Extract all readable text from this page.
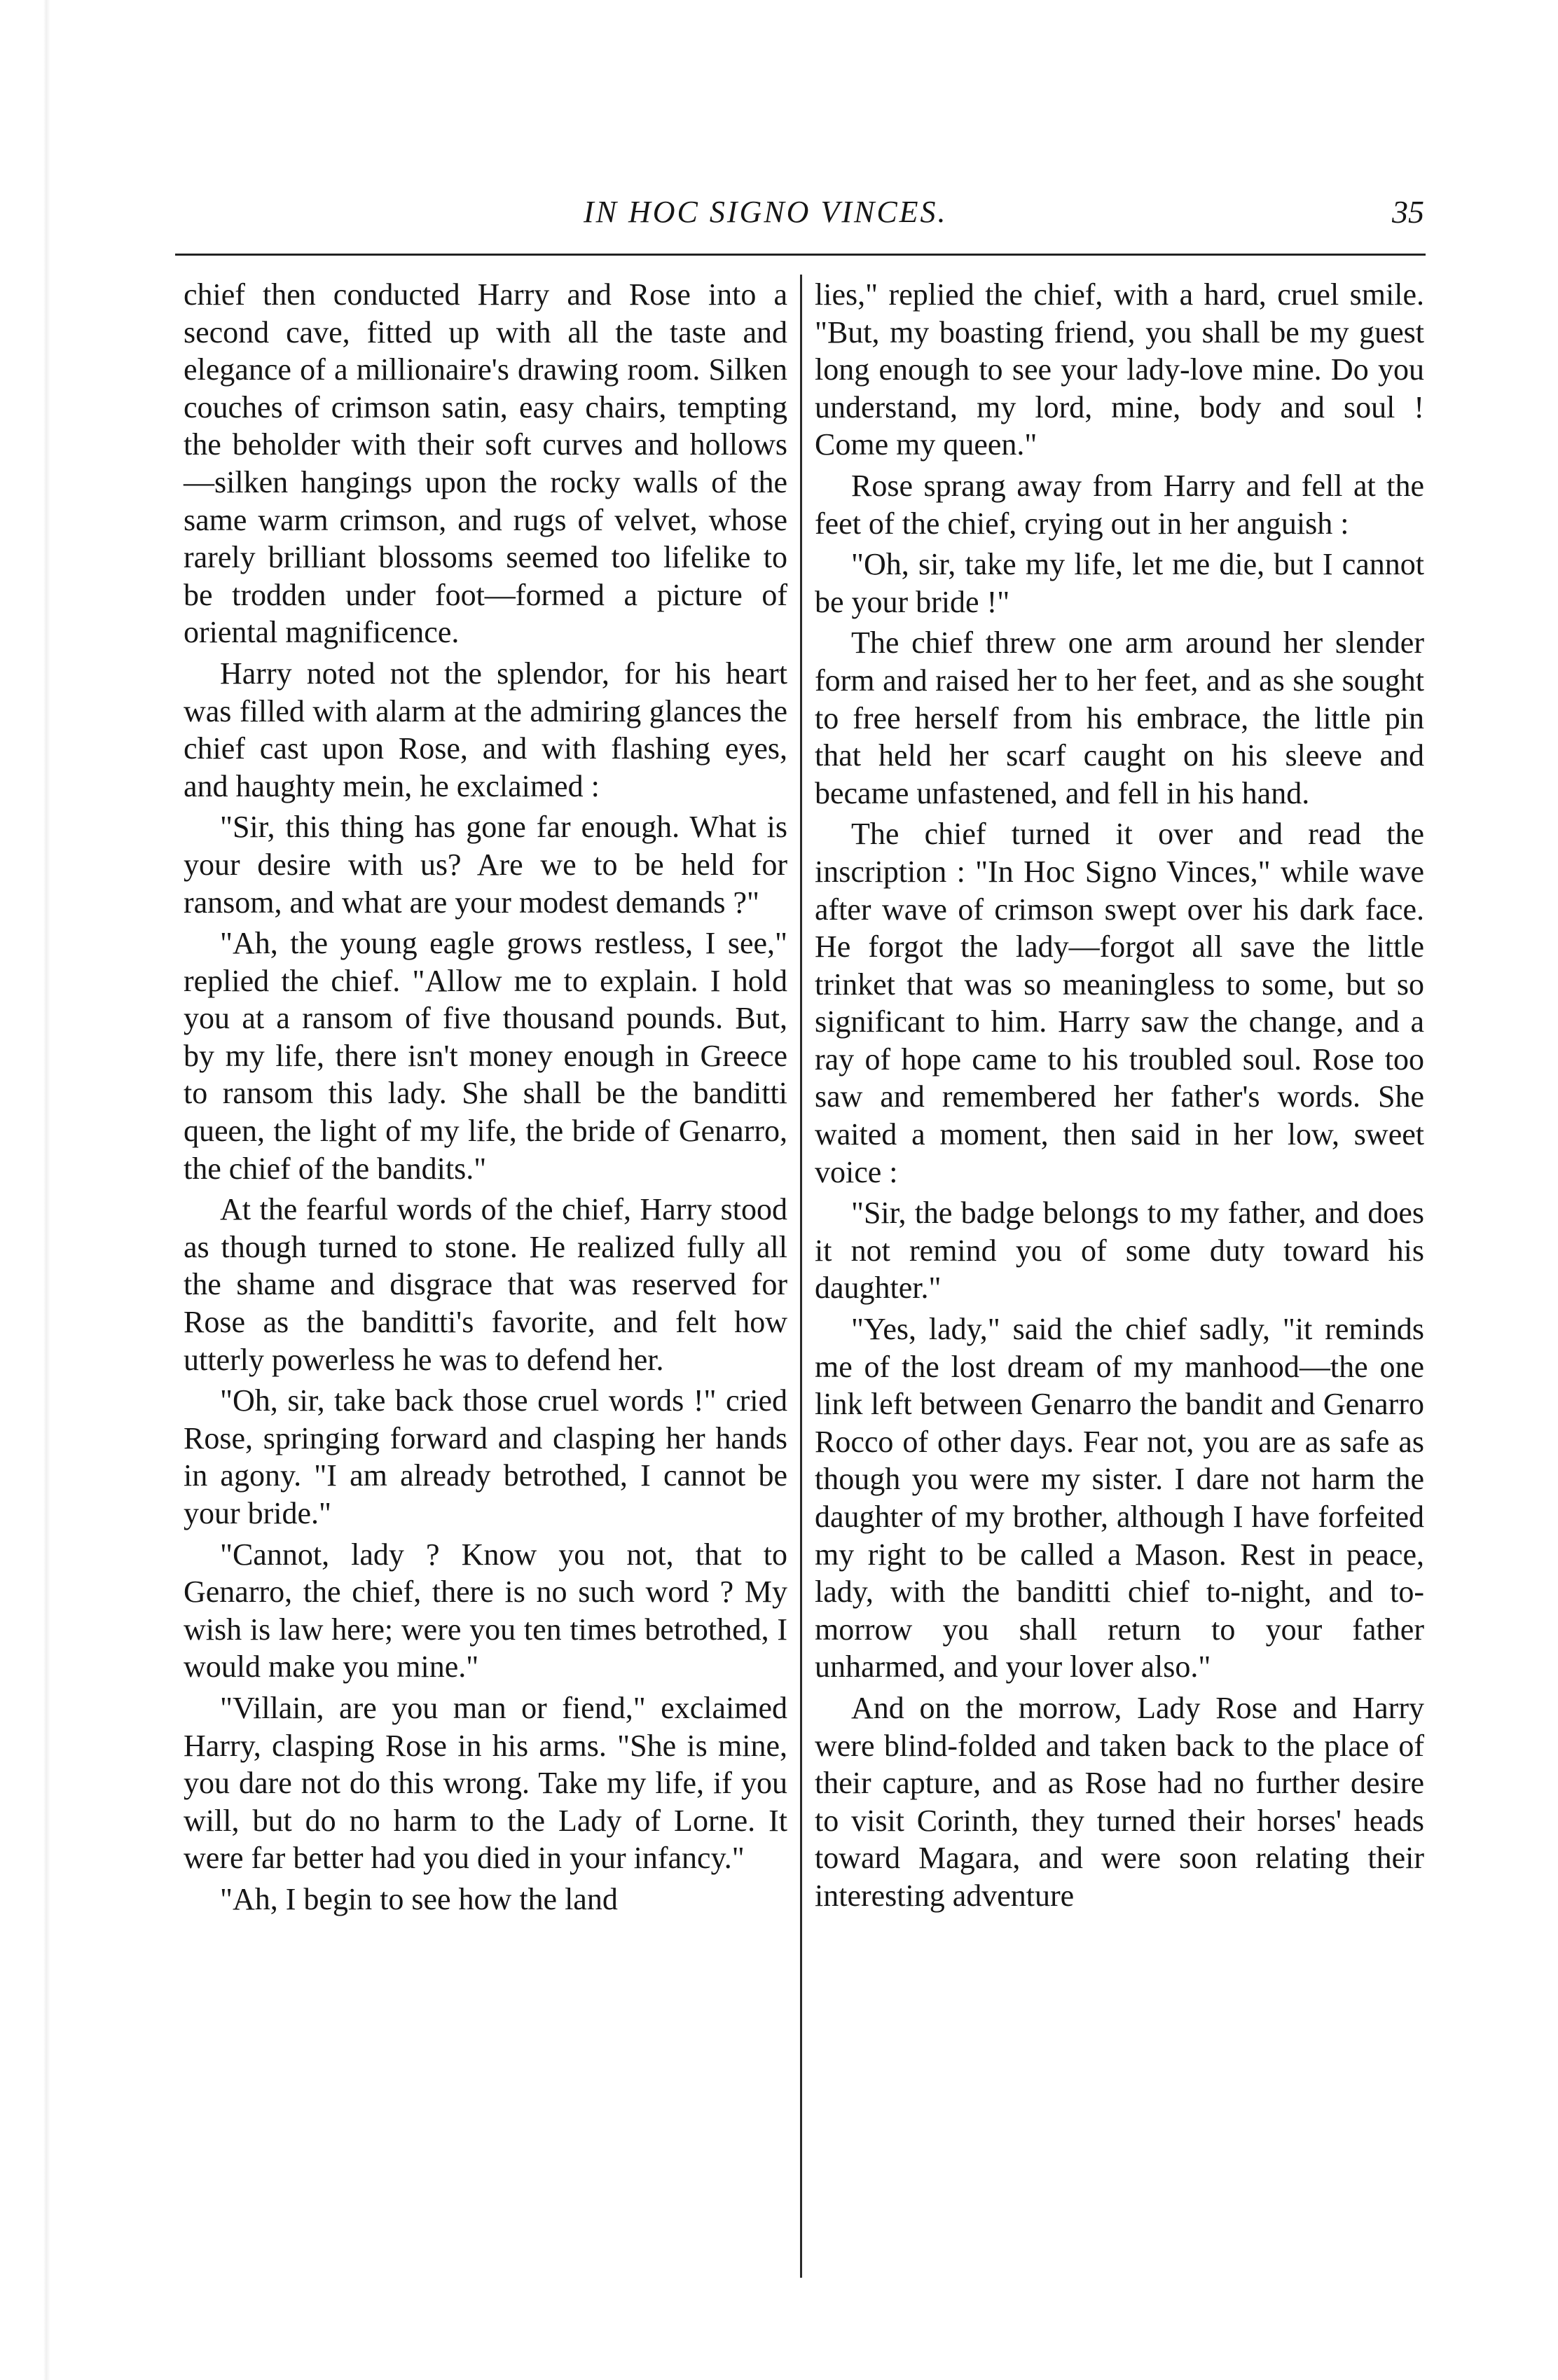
IN HOC SIGNO VINCES.	35

chief then conducted Harry and Rose into a second cave, fitted up with all the taste and elegance of a millionaire's drawing room. Silken couches of crimson satin, easy chairs, tempting the beholder with their soft curves and hollows—silken hangings upon the rocky walls of the same warm crimson, and rugs of velvet, whose rarely brilliant blossoms seemed too lifelike to be trodden under foot—formed a picture of oriental magnificence.

Harry noted not the splendor, for his heart was filled with alarm at the admiring glances the chief cast upon Rose, and with flashing eyes, and haughty mein, he exclaimed :

"Sir, this thing has gone far enough. What is your desire with us? Are we to be held for ransom, and what are your modest demands ?"

"Ah, the young eagle grows restless, I see," replied the chief. "Allow me to explain. I hold you at a ransom of five thousand pounds. But, by my life, there isn't money enough in Greece to ransom this lady. She shall be the banditti queen, the light of my life, the bride of Genarro, the chief of the bandits."

At the fearful words of the chief, Harry stood as though turned to stone. He realized fully all the shame and disgrace that was reserved for Rose as the banditti's favorite, and felt how utterly powerless he was to defend her.

"Oh, sir, take back those cruel words !" cried Rose, springing forward and clasping her hands in agony. "I am already betrothed, I cannot be your bride."

"Cannot, lady ? Know you not, that to Genarro, the chief, there is no such word ? My wish is law here; were you ten times betrothed, I would make you mine."

"Villain, are you man or fiend," exclaimed Harry, clasping Rose in his arms. "She is mine, you dare not do this wrong. Take my life, if you will, but do no harm to the Lady of Lorne. It were far better had you died in your infancy."

"Ah, I begin to see how the land

lies," replied the chief, with a hard, cruel smile. "But, my boasting friend, you shall be my guest long enough to see your lady-love mine. Do you understand, my lord, mine, body and soul ! Come my queen."

Rose sprang away from Harry and fell at the feet of the chief, crying out in her anguish :

"Oh, sir, take my life, let me die, but I cannot be your bride !"

The chief threw one arm around her slender form and raised her to her feet, and as she sought to free herself from his embrace, the little pin that held her scarf caught on his sleeve and became unfastened, and fell in his hand.

The chief turned it over and read the inscription : "In Hoc Signo Vinces," while wave after wave of crimson swept over his dark face. He forgot the lady—forgot all save the little trinket that was so meaningless to some, but so significant to him. Harry saw the change, and a ray of hope came to his troubled soul. Rose too saw and remembered her father's words. She waited a moment, then said in her low, sweet voice :

"Sir, the badge belongs to my father, and does it not remind you of some duty toward his daughter."

"Yes, lady," said the chief sadly, "it reminds me of the lost dream of my manhood—the one link left between Genarro the bandit and Genarro Rocco of other days. Fear not, you are as safe as though you were my sister. I dare not harm the daughter of my brother, although I have forfeited my right to be called a Mason. Rest in peace, lady, with the banditti chief to-night, and to-morrow you shall return to your father unharmed, and your lover also."

And on the morrow, Lady Rose and Harry were blind-folded and taken back to the place of their capture, and as Rose had no further desire to visit Corinth, they turned their horses' heads toward Magara, and were soon relating their interesting adventure
